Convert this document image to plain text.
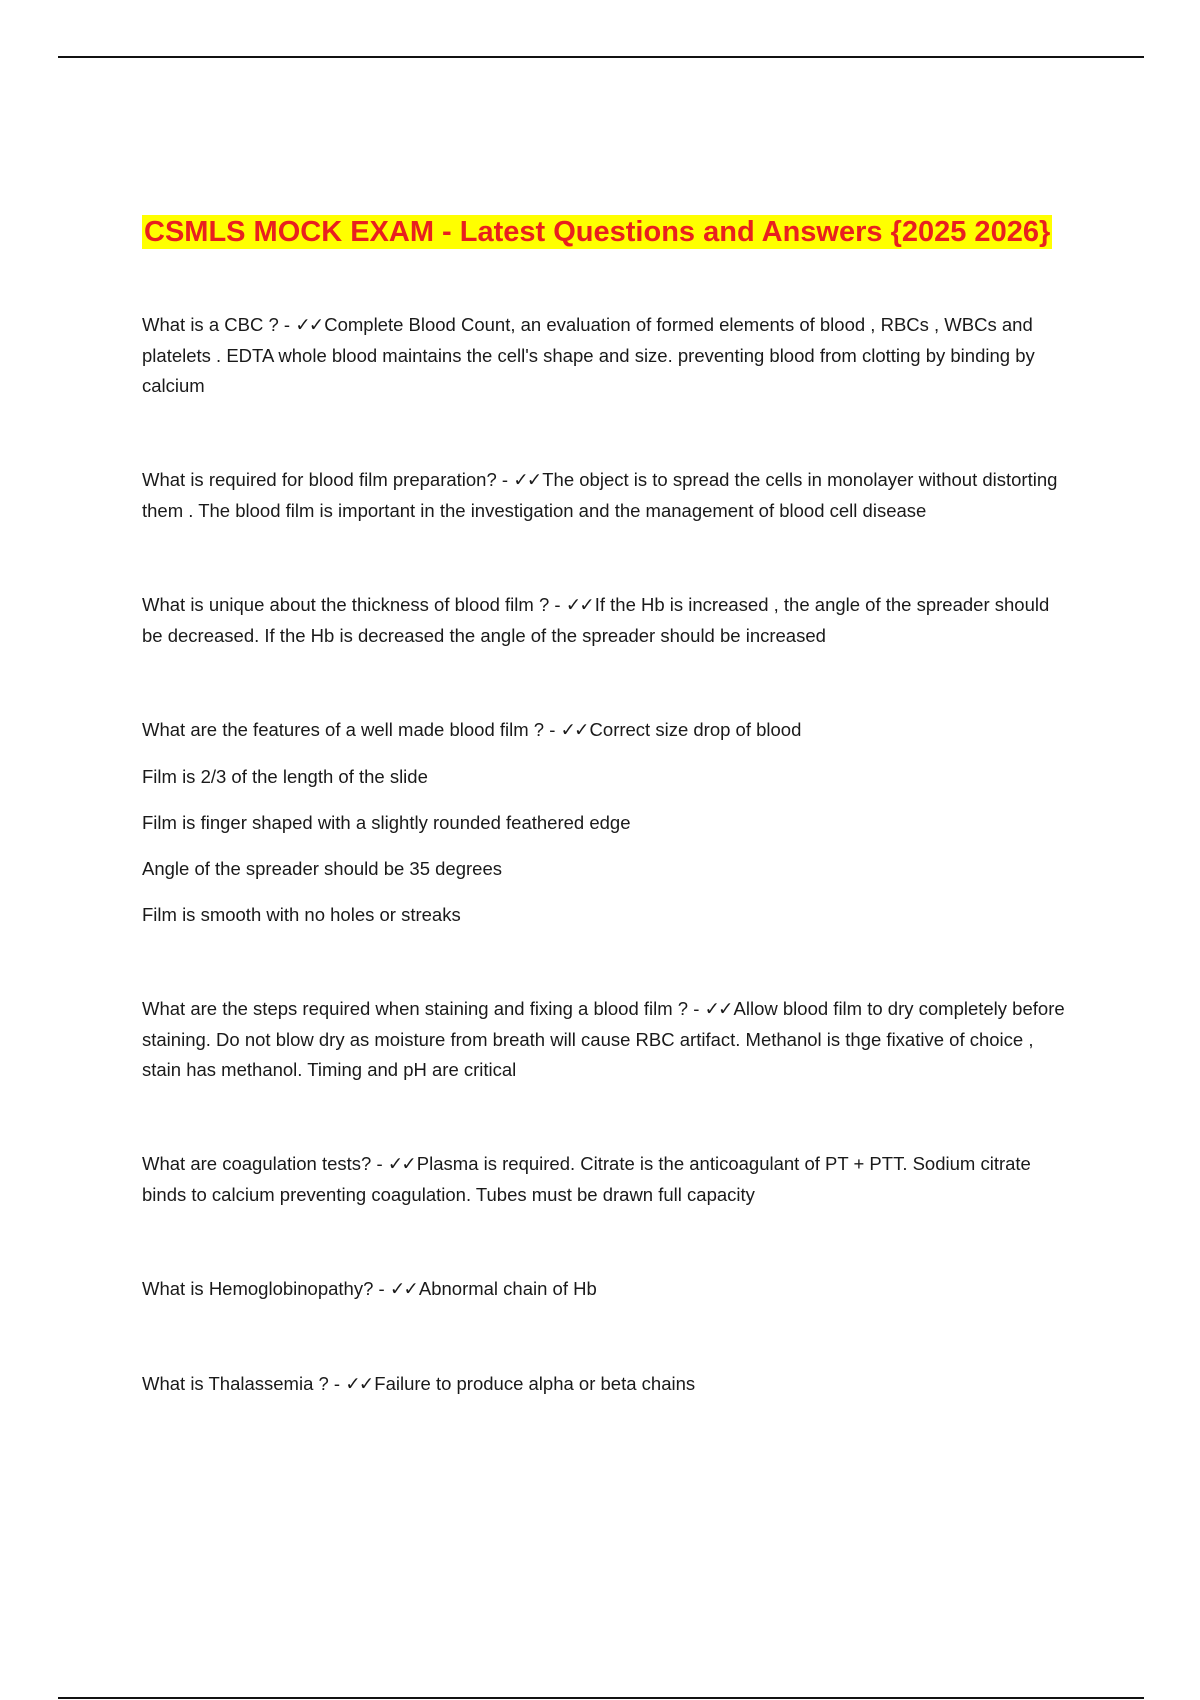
CSMLS MOCK EXAM - Latest Questions and Answers {2025 2026}

What is a CBC ? - ✓✓ Complete Blood Count, an evaluation of formed elements of blood , RBCs , WBCs and platelets . EDTA whole blood maintains the cell's shape and size. preventing blood from clotting by binding by calcium

What is required for blood film preparation? - ✓✓ The object is to spread the cells in monolayer without distorting them . The blood film is important in the investigation and the management of blood cell disease

What is unique about the thickness of blood film ? - ✓✓ If the Hb is increased , the angle of the spreader should be decreased. If the Hb is decreased the angle of the spreader should be increased

What are the features of a well made blood film ? - ✓✓ Correct size drop of blood

Film is 2/3 of the length of the slide

Film is finger shaped with a slightly rounded feathered edge

Angle of the spreader should be 35 degrees

Film is smooth with no holes or streaks

What are the steps required when staining and fixing a blood film ? - ✓✓ Allow blood film to dry completely before staining. Do not blow dry as moisture from breath will cause RBC artifact. Methanol is thge fixative of choice , stain has methanol. Timing and pH are critical

What are coagulation tests? - ✓✓ Plasma is required. Citrate is the anticoagulant of PT + PTT. Sodium citrate binds to calcium preventing coagulation. Tubes must be drawn full capacity

What is Hemoglobinopathy? - ✓✓ Abnormal chain of Hb

What is Thalassemia ? - ✓✓ Failure to produce alpha or beta chains
